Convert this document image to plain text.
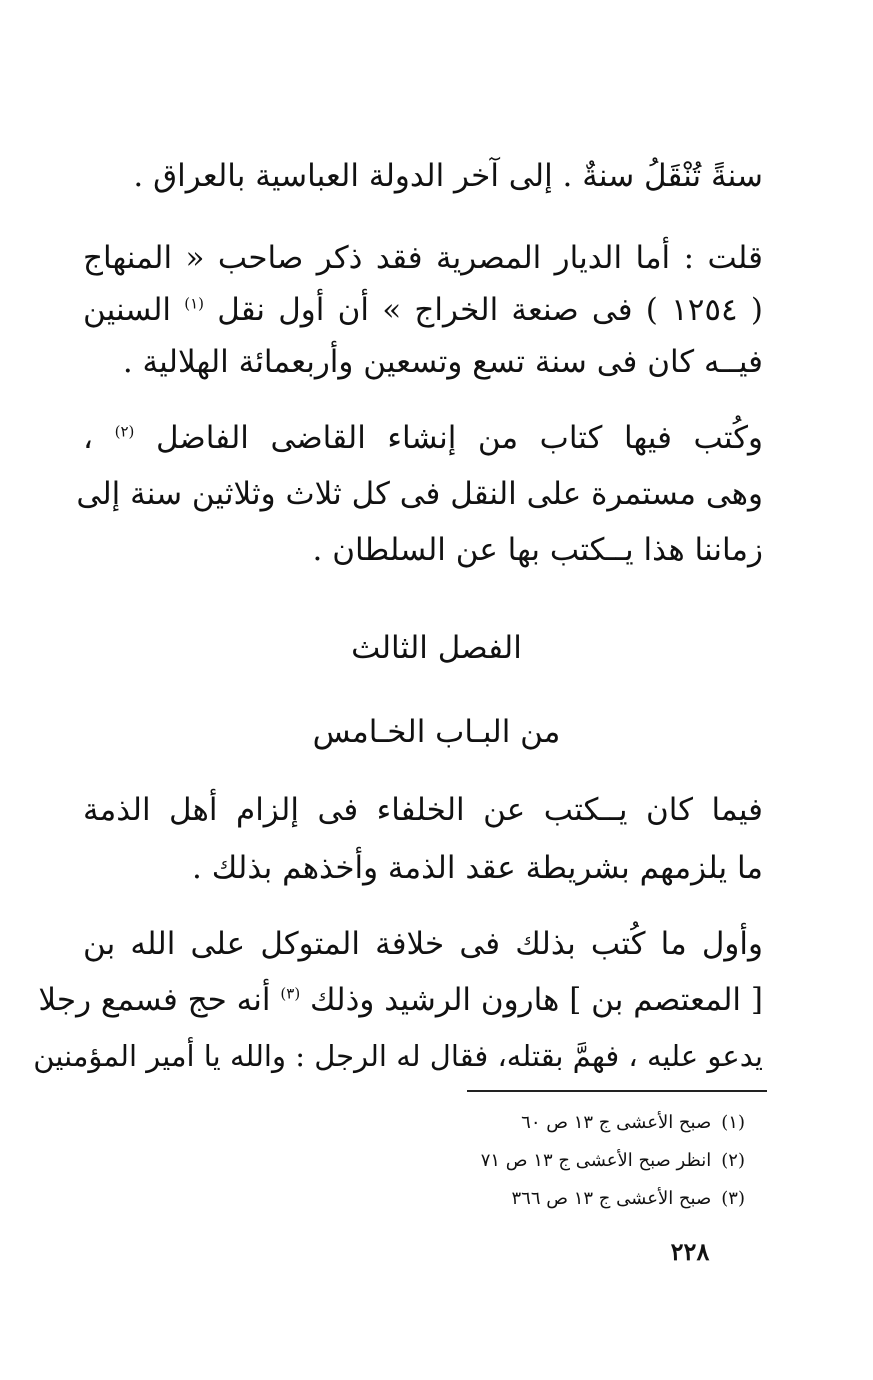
سنةً تُنْقَلُ سنةٌ . إلى آخر الدولة العباسية بالعراق .
قلت : أما الديار المصرية فقد ذكر صاحب « المنهاج
( ١٢٥٤ ) فى صنعة الخراج » أن أول نقل $^{(١)}$ السنين
فيــه كان فى سنة تسع وتسعين وأربعمائة الهلالية .
وكُتب فيها كتاب من إنشاء القاضى الفاضل $^{(٢)}$ ،
وهى مستمرة على النقل فى كل ثلاث وثلاثين سنة إلى
زماننا هذا يــكتب بها عن السلطان .
الفصل الثالث
من البـاب الخـامس
فيما كان يــكتب عن الخلفاء فى إلزام أهل الذمة
ما يلزمهم بشريطة عقد الذمة وأخذهم بذلك .
وأول ما كُتب بذلك فى خلافة المتوكل على الله بن
[ المعتصم بن ] هارون الرشيد وذلك $^{(٣)}$ أنه حج فسمع رجلا
يدعو عليه ، فهمَّ بقتله، فقال له الرجل : والله يا أمير المؤمنين
(١)صبح الأعشى ج ١٣ ص ٦٠
(٢)انظر صبح الأعشى ج ١٣ ص ٧١
(٣)صبح الأعشى ج ١٣ ص ٣٦٦
٢٢٨
